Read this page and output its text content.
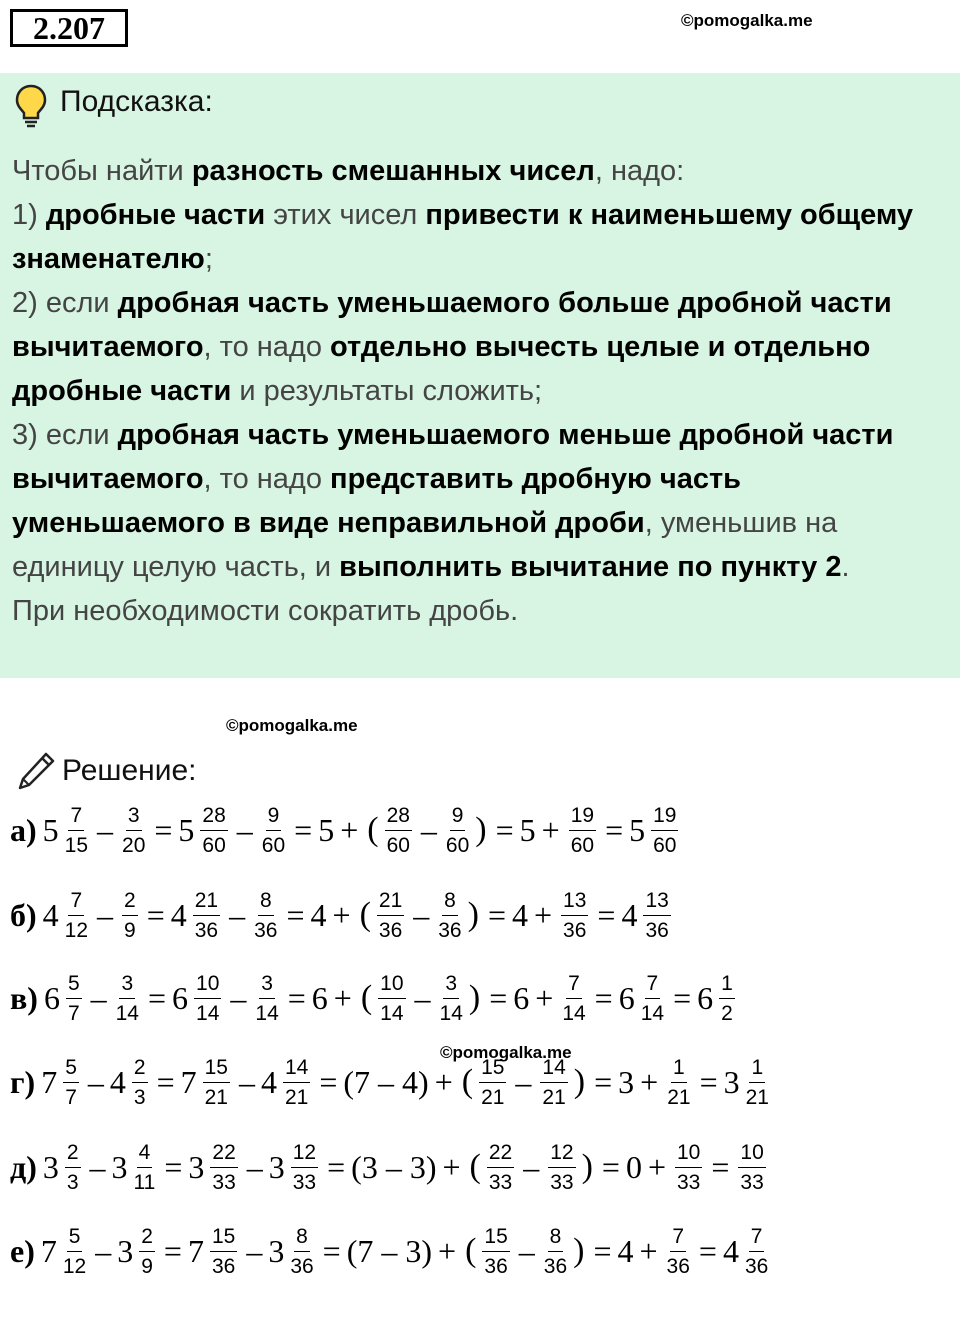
2.207	©pomogalka.me
Подсказка:

Чтобы найти разность смешанных чисел, надо:

1) дробные части этих чисел привести к наименьшему общему знаменателю;

2) если дробная часть уменьшаемого больше дробной части вычитаемого, то надо отдельно вычесть целые и отдельно дробные части и результаты сложить;

3) если дробная часть уменьшаемого меньше дробной части вычитаемого, то надо представить дробную часть уменьшаемого в виде неправильной дроби, уменьшив на единицу целую часть, и выполнить вычитание по пункту 2.

При необходимости сократить дробь.

©pomogalka.me
Решение:
а) $5 \frac{7}{15} - \frac{3}{20} = 5 \frac{28}{60} - \frac{9}{60} = 5$ + ( $\frac{28}{60} - \frac{9}{60}$ ) = $5 + \frac{19}{60} = 5 \frac{19}{60}$
б) $4 \frac{7}{12} - \frac{2}{9} = 4 \frac{21}{36} - \frac{8}{36} = 4$ + ( $\frac{21}{36} - \frac{8}{36}$ ) = $4 + \frac{13}{36} = 4 \frac{13}{36}$
в) $6 \frac{5}{7} - \frac{3}{14} = 6 \frac{10}{14} - \frac{3}{14} = 6$ + ( $\frac{10}{14} - \frac{3}{14}$ ) = $6 + \frac{7}{14} = 6 \frac{7}{14} = 6 \frac{1}{2}$
г) $7 \frac{5}{7} - 4 \frac{2}{3} = 7 \frac{15}{21} - 4 \frac{14}{21} = (7 - 4)$ + ( $\frac{15}{21} - \frac{14}{21}$ ) = $3 + \frac{1}{21} = 3 \frac{1}{21}$
д) $3 \frac{2}{3} - 3 \frac{4}{11} = 3 \frac{22}{33} - 3 \frac{12}{33} = (3 - 3)$ + ( $\frac{22}{33} - \frac{12}{33}$ ) = $0 + \frac{10}{33} = \frac{10}{33}$
е) $7 \frac{5}{12} - 3 \frac{2}{9} = 7 \frac{15}{36} - 3 \frac{8}{36} = (7 - 3)$ + ( $\frac{15}{36} - \frac{8}{36}$ ) = $4 + \frac{7}{36} = 4 \frac{7}{36}$
©pomogalka.me
